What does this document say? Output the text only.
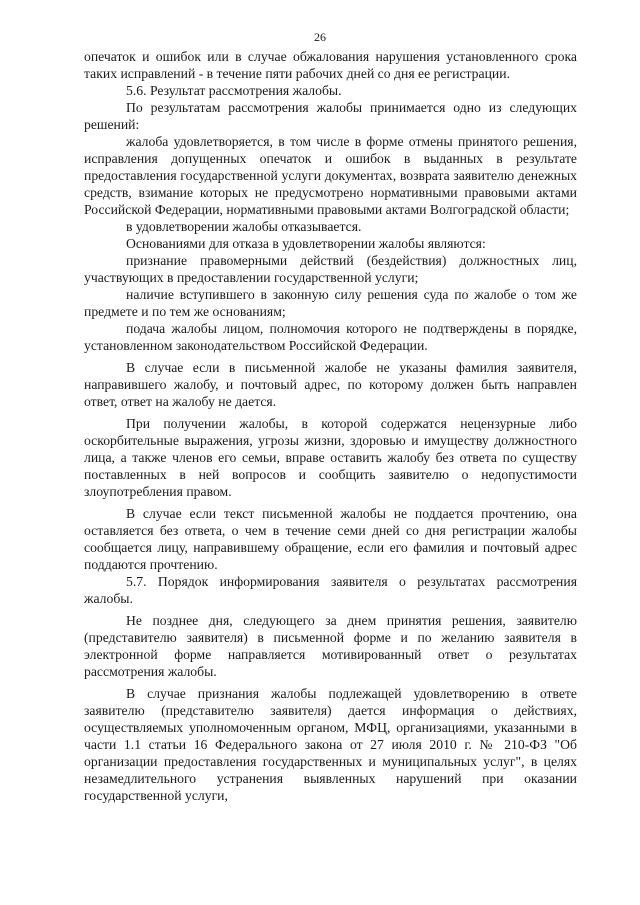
26

опечаток и ошибок или в случае обжалования нарушения установленного срока таких исправлений - в течение пяти рабочих дней со дня ее регистрации.

5.6. Результат рассмотрения жалобы.

По результатам рассмотрения жалобы принимается одно из следующих решений:

жалоба удовлетворяется, в том числе в форме отмены принятого решения, исправления допущенных опечаток и ошибок в выданных в результате предоставления государственной услуги документах, возврата заявителю денежных средств, взимание которых не предусмотрено нормативными правовыми актами Российской Федерации, нормативными правовыми актами Волгоградской области;

в удовлетворении жалобы отказывается.

Основаниями для отказа в удовлетворении жалобы являются:

признание правомерными действий (бездействия) должностных лиц, участвующих в предоставлении государственной услуги;

наличие вступившего в законную силу решения суда по жалобе о том же предмете и по тем же основаниям;

подача жалобы лицом, полномочия которого не подтверждены в порядке, установленном законодательством Российской Федерации.

В случае если в письменной жалобе не указаны фамилия заявителя, направившего жалобу, и почтовый адрес, по которому должен быть направлен ответ, ответ на жалобу не дается.

При получении жалобы, в которой содержатся нецензурные либо оскорбительные выражения, угрозы жизни, здоровью и имуществу должностного лица, а также членов его семьи, вправе оставить жалобу без ответа по существу поставленных в ней вопросов и сообщить заявителю о недопустимости злоупотребления правом.

В случае если текст письменной жалобы не поддается прочтению, она оставляется без ответа, о чем в течение семи дней со дня регистрации жалобы сообщается лицу, направившему обращение, если его фамилия и почтовый адрес поддаются прочтению.

5.7. Порядок информирования заявителя о результатах рассмотрения жалобы.

Не позднее дня, следующего за днем принятия решения, заявителю (представителю заявителя) в письменной форме и по желанию заявителя в электронной форме направляется мотивированный ответ о результатах рассмотрения жалобы.

В случае признания жалобы подлежащей удовлетворению в ответе заявителю (представителю заявителя) дается информация о действиях, осуществляемых уполномоченным органом, МФЦ, организациями, указанными в части 1.1 статьи 16 Федерального закона от 27 июля 2010 г. № 210-ФЗ "Об организации предоставления государственных и муниципальных услуг", в целях незамедлительного устранения выявленных нарушений при оказании государственной услуги,
